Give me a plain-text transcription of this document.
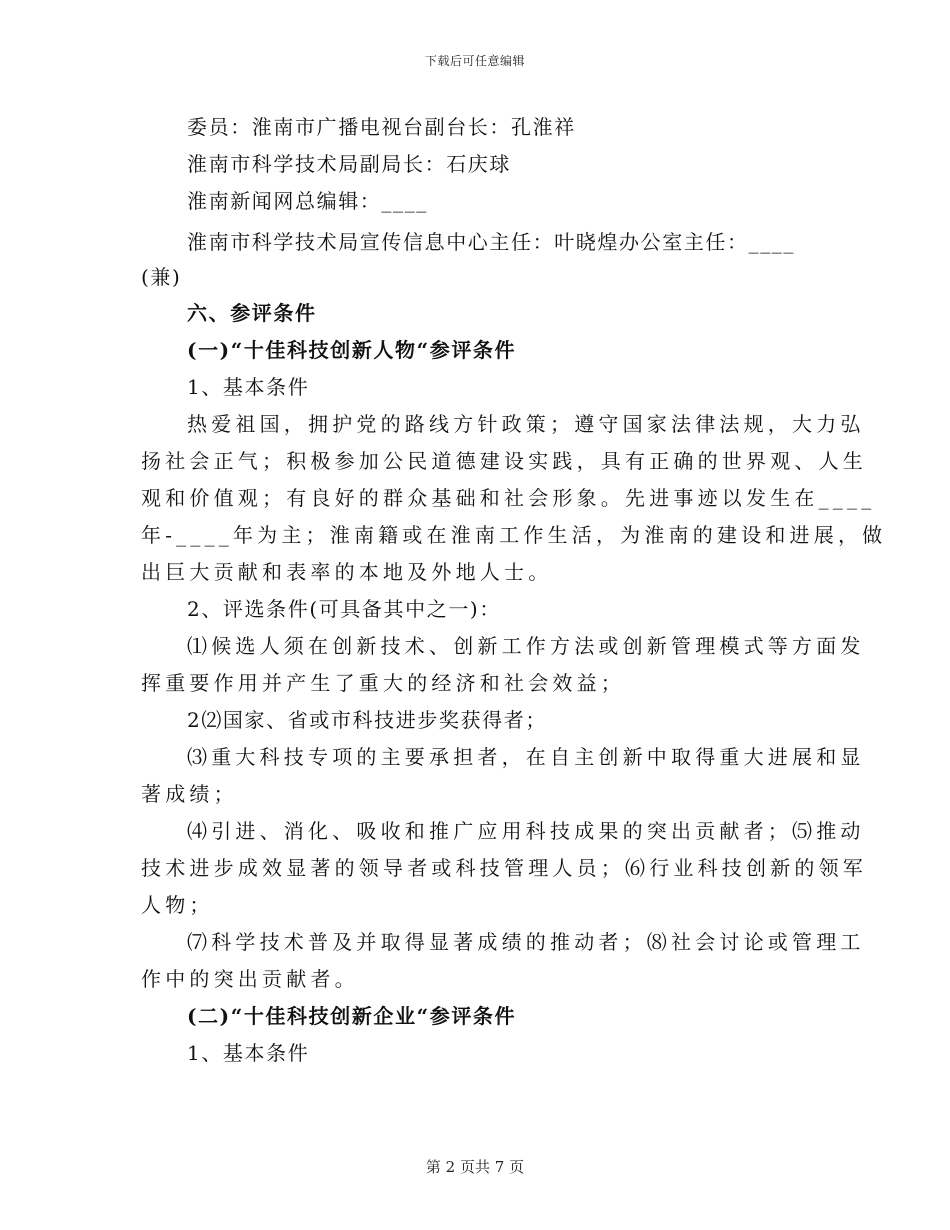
下载后可任意编辑
委员：淮南市广播电视台副台长：孔淮祥
淮南市科学技术局副局长：石庆球
淮南新闻网总编辑：____
淮南市科学技术局宣传信息中心主任：叶晓煌办公室主任：____
(兼)
六、参评条件
(一)“十佳科技创新人物“参评条件
1、基本条件
热爱祖国，拥护党的路线方针政策；遵守国家法律法规，大力弘
扬社会正气；积极参加公民道德建设实践，具有正确的世界观、人生
观和价值观；有良好的群众基础和社会形象。先进事迹以发生在____
年-____年为主；淮南籍或在淮南工作生活，为淮南的建设和进展，做
出巨大贡献和表率的本地及外地人士。
2、评选条件(可具备其中之一)：
⑴候选人须在创新技术、创新工作方法或创新管理模式等方面发
挥重要作用并产生了重大的经济和社会效益；
2⑵国家、省或市科技进步奖获得者；
⑶重大科技专项的主要承担者，在自主创新中取得重大进展和显
著成绩；
⑷引进、消化、吸收和推广应用科技成果的突出贡献者；⑸推动
技术进步成效显著的领导者或科技管理人员；⑹行业科技创新的领军
人物；
⑺科学技术普及并取得显著成绩的推动者；⑻社会讨论或管理工
作中的突出贡献者。
(二)“十佳科技创新企业“参评条件
1、基本条件
第 2 页共 7 页
